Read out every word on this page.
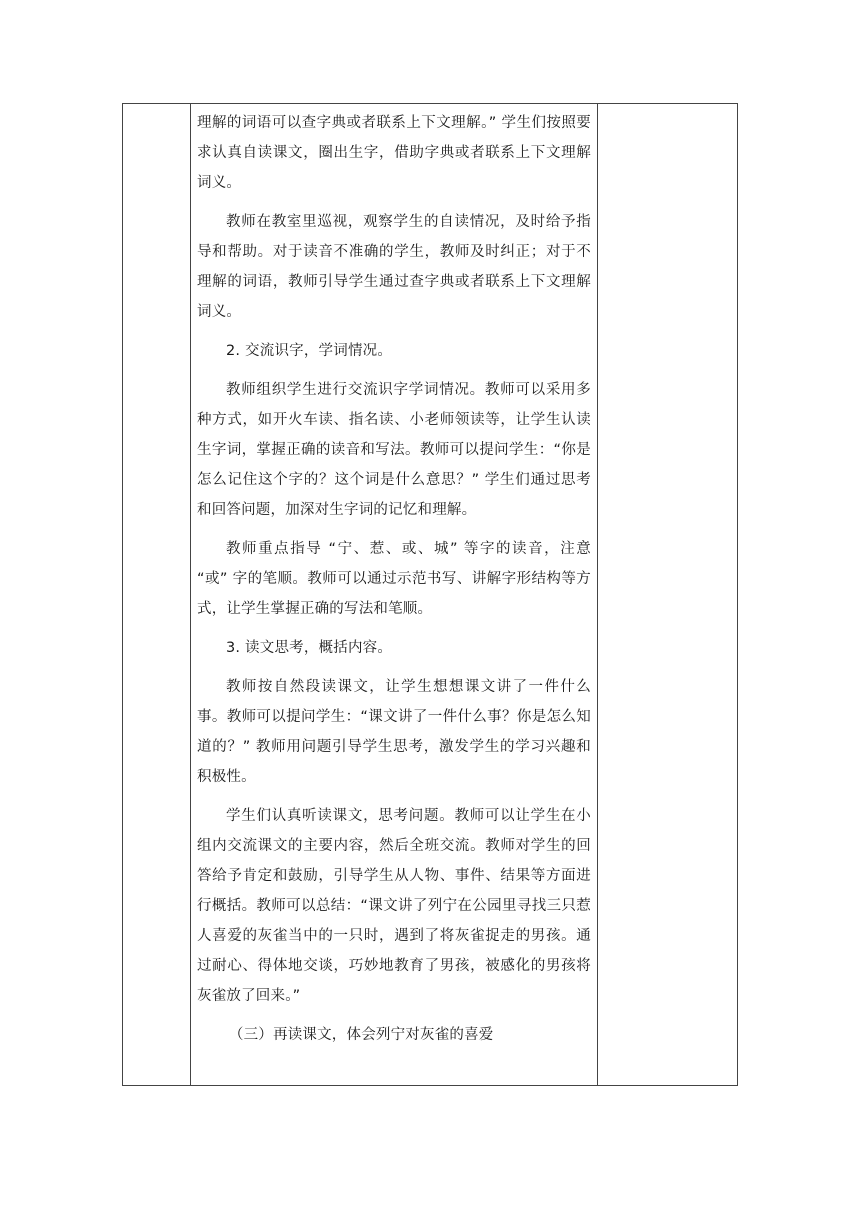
理解的词语可以查字典或者联系上下文理解。” 学生们按照要求认真自读课文，圈出生字，借助字典或者联系上下文理解词义。

教师在教室里巡视，观察学生的自读情况，及时给予指导和帮助。对于读音不准确的学生，教师及时纠正；对于不理解的词语，教师引导学生通过查字典或者联系上下文理解词义。

2. 交流识字，学词情况。

教师组织学生进行交流识字学词情况。教师可以采用多种方式，如开火车读、指名读、小老师领读等，让学生认读生字词，掌握正确的读音和写法。教师可以提问学生：“你是怎么记住这个字的？这个词是什么意思？” 学生们通过思考和回答问题，加深对生字词的记忆和理解。

教师重点指导 “宁、惹、或、城” 等字的读音，注意 “或” 字的笔顺。教师可以通过示范书写、讲解字形结构等方式，让学生掌握正确的写法和笔顺。

3. 读文思考，概括内容。

教师按自然段读课文，让学生想想课文讲了一件什么事。教师可以提问学生：“课文讲了一件什么事？你是怎么知道的？” 教师用问题引导学生思考，激发学生的学习兴趣和积极性。

学生们认真听读课文，思考问题。教师可以让学生在小组内交流课文的主要内容，然后全班交流。教师对学生的回答给予肯定和鼓励，引导学生从人物、事件、结果等方面进行概括。教师可以总结：“课文讲了列宁在公园里寻找三只惹人喜爱的灰雀当中的一只时，遇到了将灰雀捉走的男孩。通过耐心、得体地交谈，巧妙地教育了男孩，被感化的男孩将灰雀放了回来。”

（三）再读课文，体会列宁对灰雀的喜爱
